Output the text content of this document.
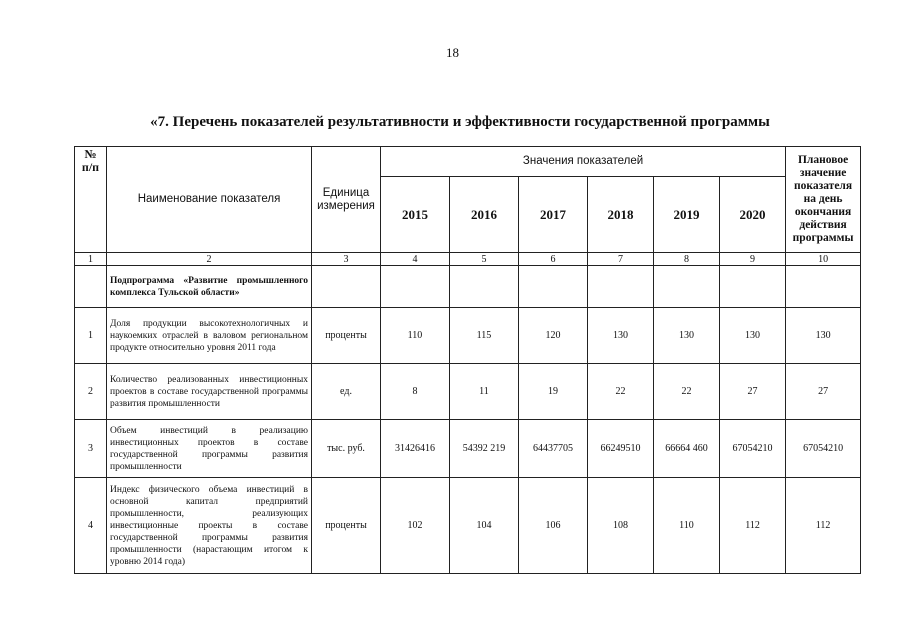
18
«7. Перечень показателей результативности и эффективности государственной программы
№ п/п	Наименование показателя	Единица измерения	Значения показателей						Плановое значение показателя на день окончания действия программы
			2015	2016	2017	2018	2019	2020	
1	2	3	4	5	6	7	8	9	10
	Подпрограмма «Развитие промышленного комплекса Тульской области»								
1	Доля продукции высокотехнологичных и наукоемких отраслей в валовом региональном продукте относительно уровня 2011 года	проценты	110	115	120	130	130	130	130
2	Количество реализованных инвестиционных проектов в составе государственной программы развития промышленности	ед.	8	11	19	22	22	27	27
3	Объем инвестиций в реализацию инвестиционных проектов в составе государственной программы развития промышленности	тыс. руб.	31426416	54392 219	64437705	66249510	66664 460	67054210	67054210
4	Индекс физического объема инвестиций в основной капитал предприятий промышленности, реализующих инвестиционные проекты в составе государственной программы развития промышленности (нарастающим итогом к уровню 2014 года)	проценты	102	104	106	108	110	112	112
